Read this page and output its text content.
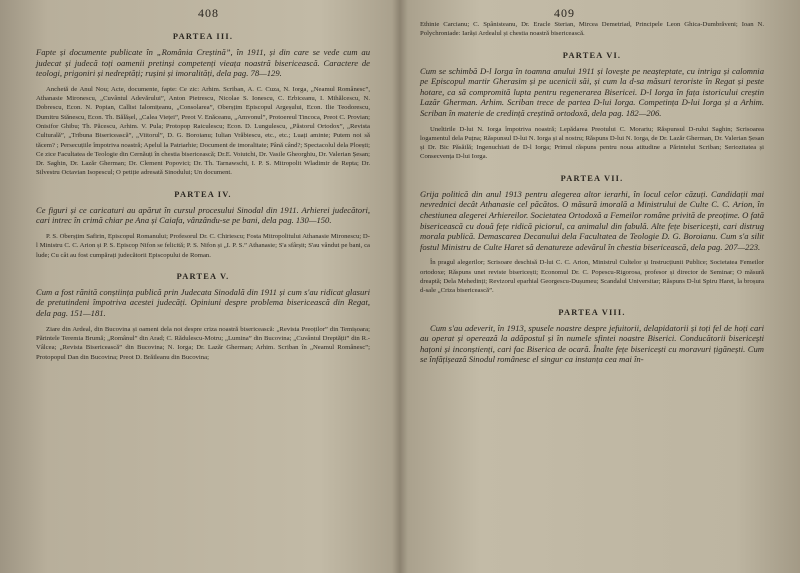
408
PARTEA III.

Fapte și documente publicate în „România Creștină”, în 1911, și din care se vede cum au judecat și judecă toți oamenii pretinși competenți vieața noastră bisericească. Caractere de teologi, prigoniri și nedreptăți; rușini și imoralități, dela pag. 78—129.

Anchetă de Anul Nou; Acte, documente, fapte: Ce zic: Arhim. Scriban, A. C. Cuza, N. Iorga, „Neamul Românesc”, Athanasie Mironescu, „Cuvântul Adevărului”, Anton Pietrescu, Nicolae S. Ionescu, C. Erbiceanu, I. Mihălcescu, N. Dobrescu, Econ. N. Popian, Callist Ialomițeanu, „Consolarea”, Oberșțim Episcopul Argeșului, Econ. Ilie Teodorescu, Dumitru Stănescu, Econ. Th. Bălășel, „Calea Vieței”, Preot V. Enăceanu, „Amvonul”, Protoereul Tincoca, Preot C. Provian; Onisifor Ghibu; Th. Păcescu, Arhim. V. Pula; Protopop Raiculescu; Econ. D. Lungulescu, „Păstorul Ortodox”, „Revista Culturală”, „Tribuna Bisericească”, „Viitorul”, D. G. Boroianu; Iulian Vrăbiescu, etc., etc.; Luați aminte; Putem noi să tăcem? ; Persecuțiile împotriva noastră; Apelul la Patriarhie; Document de imoralitate; Până când?; Spectacolul dela Ploești; Ce zice Facultatea de Teologie din Cernăuți în chestia bisericească; Dr.E. Voiutchi, Dr. Vasile Gheorghiu, Dr. Valerian Șesan; Dr. Saghin, Dr. Lazăr Gherman; Dr. Clement Popovici; Dr. Th. Tarnawschi, I. P. S. Mitropolit Wladimir de Repta; Dr. Silvestru Octavian Isopescul; O petiție adresată Sinodului; Un document.

PARTEA IV.

Ce figuri și ce caricaturi au apărut în cursul procesului Sinodal din 1911. Arhierei judecători, cari intrec în crimă chiar pe Ana și Caiafa, vânzându-se pe bani, dela pag. 130—150.

P. S. Oberșțim Safirin, Episcopul Romanului; Profesorul Dr. C. Chiriescu; Fosta Mitropolitului Athanasie Mironescu; D-l Ministru C. C. Arion și P. S. Episcop Nifon se felicită; P. S. Nifon și „I. P. S.” Athanasie; S'a sfârșit; S'au vândut pe bani, ca lude; Cu cât au fost cumpărați judecătorii Episcopului de Roman.

PARTEA V.

Cum a fost rănită conștiința publică prin Judecata Sinodală din 1911 și cum s'au ridicat glasuri de pretutindeni împotriva acestei judecăți. Opiniuni despre problema bisericească din Regat, dela pag. 151—181.

Ziare din Ardeal, din Bucovina și oameni dela noi despre criza noastră bisericească: „Revista Preoților” din Temișoara; Părintele Teremia Brumă; „Românul” din Arad; C. Rădulescu-Motru; „Lumina” din Bucovina; „Cuvântul Dreptății” din R.-Vâlcea; „Revista Bisericească” din Bucovina; N. Iorga; Dr. Lazăr Gherman; Arhim. Scriban în „Neamul Românesc”; Protopopul Dan din Bucovina; Preot D. Brăileanu din Bucovina;

409

Ethinie Carcianu; C. Spânisteanu, Dr. Eracle Sterian, Mircea Demetriad, Principele Leon Ghica-Dumbrăveni; Ioan N. Polychroniade: Iarăși Ardealul și chestia noastră bisericească.

PARTEA VI.

Cum se schimbă D-l Iorga în toamna anului 1911 și lovește pe neașteptate, cu intriga și calomnia pe Episcopul martir Gherasim și pe ucenicii săi, și cum la d-sa măsuri teroriste în Regat și peste hotare, ca să compromită lupta pentru regenerarea Bisericei. D-l Iorga în fața istoricului creștin Lazăr Gherman. Arhim. Scriban trece de partea D-lui Iorga. Competința D-lui Iorga și a Arhim. Scriban în materie de credință creștină ortodoxă, dela pag. 182—206.

Uneltirile D-lui N. Iorga împotriva noastră; Lepădarea Preotului C. Morariu; Răspunsul D-rului Saghin; Scrisoarea logamentul dela Puțna; Răspunsul D-lui N. Iorga și al nostru; Răspuns D-lui N. Iorga, de Dr. Lazăr Gherman, Dr. Valerian Șesan și Dr. Bic Păsăilă; Ingenuchiati de D-l Iorga; Primul răspuns pentru noua atitudine a Părintelui Scriban; Seriozitatea și Consecvența D-lui Iorga.

PARTEA VII.

Grija politică din anul 1913 pentru alegerea altor ierarhi, în locul celor căzuți. Candidații mai nevrednici decât Athanasie cel păcătos. O măsură imorală a Ministrului de Culte C. C. Arion, în chestiunea alegerei Arhiereilor. Societatea Ortodoxă a Femeilor române privită de preoțime. O fată bisericească cu două fețe ridică piciorul, ca animalul din fabulă. Alte fețe bisericești, cari distrug morala publică. Demascarea Decanului dela Facultatea de Teologie D. G. Boroianu. Cum s'a silit fostul Ministru de Culte Haret să denatureze adevărul în chestia bisericească, dela pag. 207—223.

În pragul alegerilor; Scrisoare deschisă D-lui C. C. Arion, Ministrul Cultelor și Instrucțiunii Publice; Societatea Femeilor ortodoxe; Răspuns unei reviste bisericești; Economul Dr. C. Popescu-Rigorosa, profesor și director de Seminar; O măsură dreaptă; Dela Mehedinți; Revizorul eparhial Georgescu-Dușumeu; Scandalul Universitar; Răspuns D-lui Spiru Haret, la broșura d-sale „Criza bisericească”.

PARTEA VIII.

Cum s'au adeverit, în 1913, spusele noastre despre jefuitorii, delapidatorii și toți fel de hoți cari au operat și operează la adăpostul și în numele sfintei noastre Biserici. Conducătorii bisericești hațoni și inconștienți, cari fac Biserica de ocară. Înalte fețe bisericești cu moravuri țigănești. Cum se înfățișează Sinodul românesc el singur ca instanța cea mai în-
